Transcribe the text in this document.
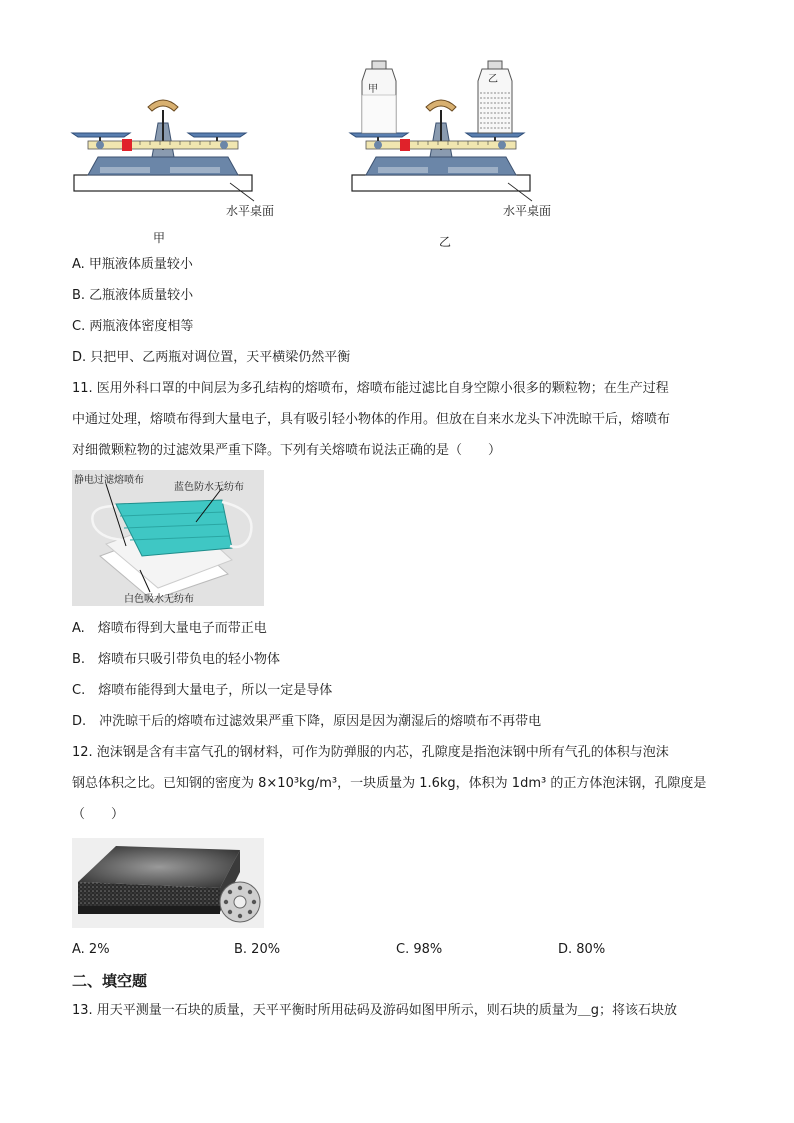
甲
乙
水平桌面	水平桌面
甲	乙
A. 甲瓶液体质量较小
B. 乙瓶液体质量较小
C. 两瓶液体密度相等
D. 只把甲、乙两瓶对调位置，天平横梁仍然平衡
11. 医用外科口罩的中间层为多孔结构的熔喷布，熔喷布能过滤比自身空隙小很多的颗粒物；在生产过程
中通过处理，熔喷布得到大量电子，具有吸引轻小物体的作用。但放在自来水龙头下冲洗晾干后，熔喷布
对细微颗粒物的过滤效果严重下降。下列有关熔喷布说法正确的是（　　）
静电过滤熔喷布
蓝色防水无纺布
白色吸水无纺布
A.　熔喷布得到大量电子而带正电
B.　熔喷布只吸引带负电的轻小物体
C.　熔喷布能得到大量电子，所以一定是导体
D.　冲洗晾干后的熔喷布过滤效果严重下降，原因是因为潮湿后的熔喷布不再带电
12. 泡沫钢是含有丰富气孔的钢材料，可作为防弹服的内芯，孔隙度是指泡沫钢中所有气孔的体积与泡沫
钢总体积之比。已知钢的密度为 8×10³kg/m³，一块质量为 1.6kg，体积为 1dm³ 的正方体泡沫钢，孔隙度是
（　　）
A. 2%	B. 20%	C. 98%	D. 80%
二、填空题
13. 用天平测量一石块的质量，天平平衡时所用砝码及游码如图甲所示，则石块的质量为＿g；将该石块放
